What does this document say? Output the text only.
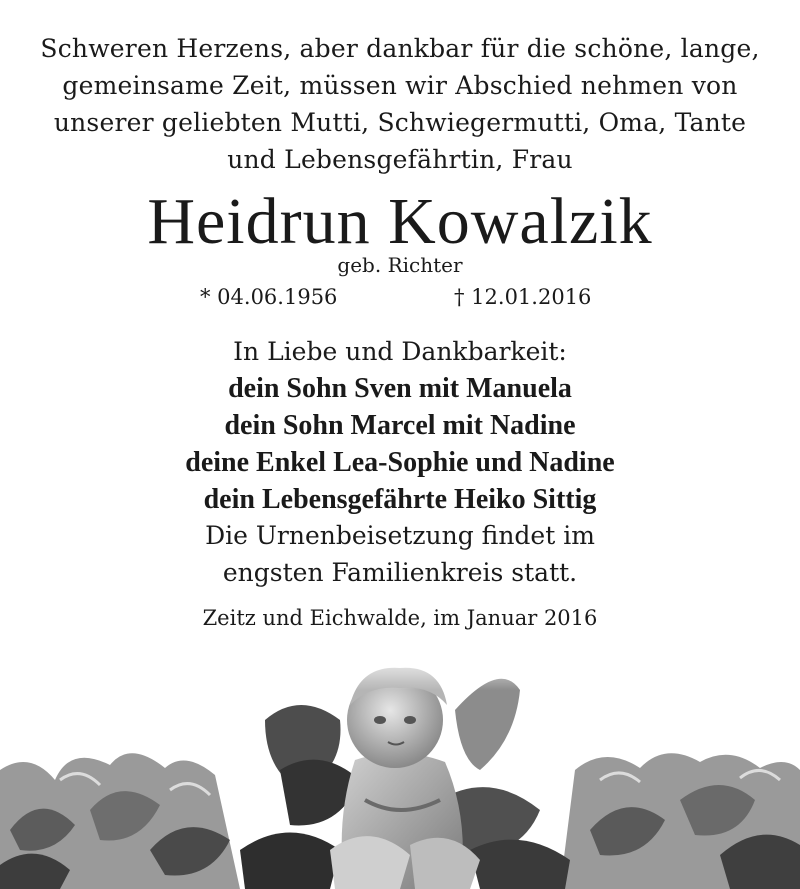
Schweren Herzens, aber dankbar für die schöne, lange,
gemeinsame Zeit, müssen wir Abschied nehmen von
unserer geliebten Mutti, Schwiegermutti, Oma, Tante
und Lebensgefährtin, Frau
Heidrun Kowalzik
geb. Richter
* 04.06.1956	† 12.01.2016
In Liebe und Dankbarkeit:
dein Sohn Sven mit Manuela
dein Sohn Marcel mit Nadine
deine Enkel Lea-Sophie und Nadine
dein Lebensgefährte Heiko Sittig
Die Urnenbeisetzung findet im
engsten Familienkreis statt.
Zeitz und Eichwalde, im Januar 2016
